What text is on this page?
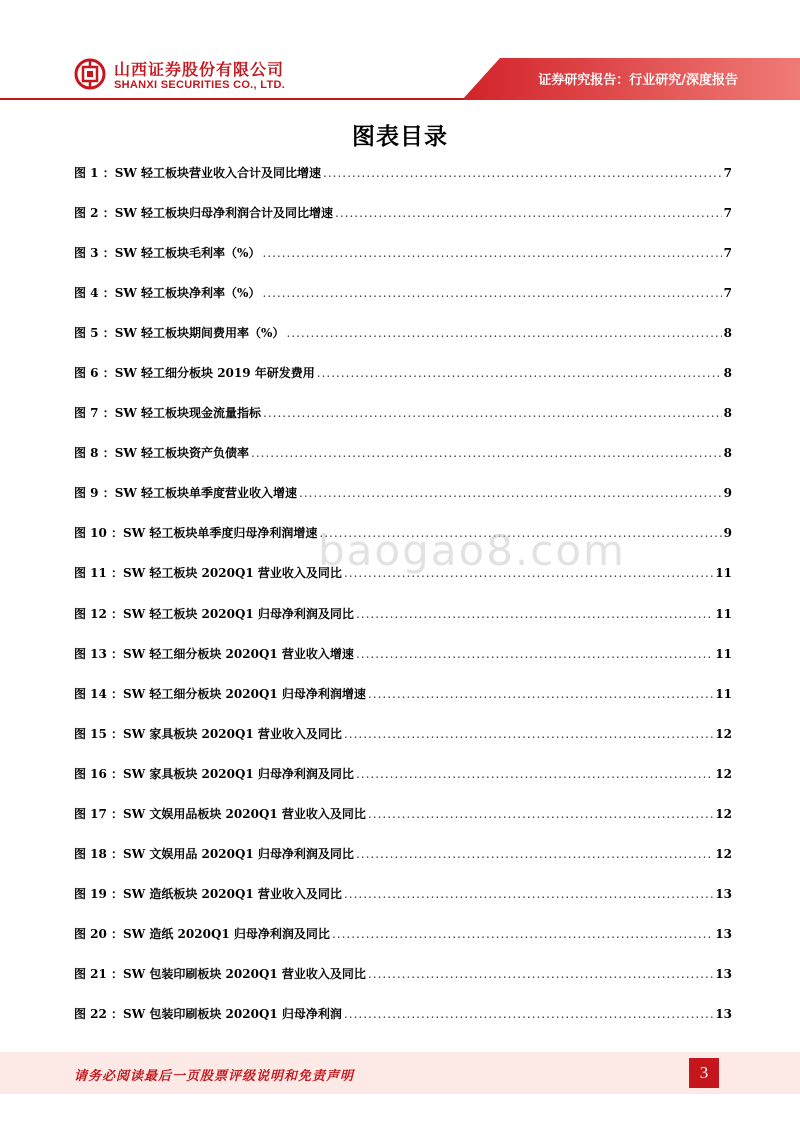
山西证券股份有限公司
SHANXI SECURITIES CO., LTD.	证券研究报告：行业研究/深度报告
图表目录
图 1 ：SW 轻工板块营业收入合计及同比增速 .....	7
图 2 ：SW 轻工板块归母净利润合计及同比增速 .....	7
图 3 ：SW 轻工板块毛利率（%） .....	7
图 4 ：SW 轻工板块净利率（%） .....	7
图 5 ：SW 轻工板块期间费用率（%） .....	8
图 6 ：SW 轻工细分板块 2019 年研发费用 .....	8
图 7 ：SW 轻工板块现金流量指标 .....	8
图 8 ：SW 轻工板块资产负债率 .....	8
图 9 ：SW 轻工板块单季度营业收入增速 .....	9
图 10 ：SW 轻工板块单季度归母净利润增速 .....	9
图 11 ：SW 轻工板块 2020Q1 营业收入及同比 .....	11
图 12 ：SW 轻工板块 2020Q1 归母净利润及同比 .....	11
图 13 ：SW 轻工细分板块 2020Q1 营业收入增速 .....	11
图 14 ：SW 轻工细分板块 2020Q1 归母净利润增速 .....	11
图 15 ：SW 家具板块 2020Q1 营业收入及同比 .....	12
图 16 ：SW 家具板块 2020Q1 归母净利润及同比 .....	12
图 17 ：SW 文娱用品板块 2020Q1 营业收入及同比 .....	12
图 18 ：SW 文娱用品 2020Q1 归母净利润及同比 .....	12
图 19 ：SW 造纸板块 2020Q1 营业收入及同比 .....	13
图 20 ：SW 造纸 2020Q1 归母净利润及同比 .....	13
图 21 ：SW 包装印刷板块 2020Q1 营业收入及同比 .....	13
图 22 ：SW 包装印刷板块 2020Q1 归母净利润 .....	13
baogao8.com
请务必阅读最后一页股票评级说明和免责声明	3
